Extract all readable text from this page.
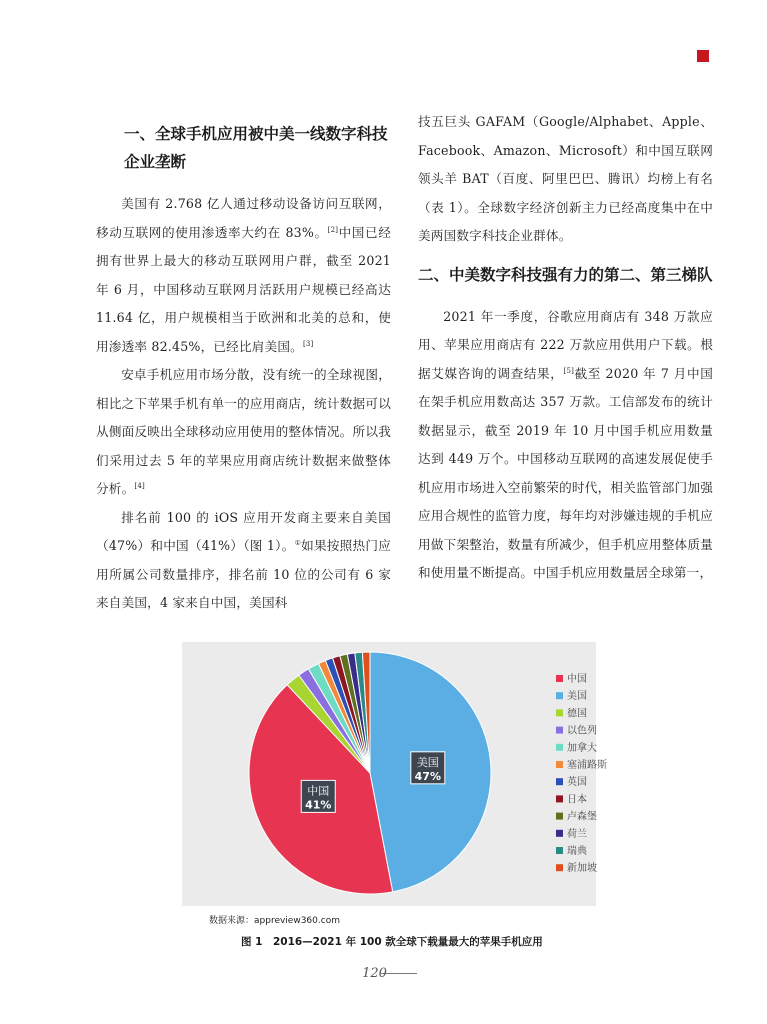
一、全球手机应用被中美一线数字科技企业垄断

美国有 2.768 亿人通过移动设备访问互联网，移动互联网的使用渗透率大约在 83%。[2]中国已经拥有世界上最大的移动互联网用户群，截至 2021 年 6 月，中国移动互联网月活跃用户规模已经高达 11.64 亿，用户规模相当于欧洲和北美的总和，使用渗透率 82.45%，已经比肩美国。[3]

安卓手机应用市场分散，没有统一的全球视图，相比之下苹果手机有单一的应用商店，统计数据可以从侧面反映出全球移动应用使用的整体情况。所以我们采用过去 5 年的苹果应用商店统计数据来做整体分析。[4]

排名前 100 的 iOS 应用开发商主要来自美国（47%）和中国（41%）（图 1）。①如果按照热门应用所属公司数量排序，排名前 10 位的公司有 6 家来自美国，4 家来自中国，美国科

技五巨头 GAFAM（Google/Alphabet、Apple、Facebook、Amazon、Microsoft）和中国互联网领头羊 BAT（百度、阿里巴巴、腾讯）均榜上有名（表 1）。全球数字经济创新主力已经高度集中在中美两国数字科技企业群体。

二、中美数字科技强有力的第二、第三梯队

2021 年一季度，谷歌应用商店有 348 万款应用、苹果应用商店有 222 万款应用供用户下载。根据艾媒咨询的调查结果，[5]截至 2020 年 7 月中国在架手机应用数高达 357 万款。工信部发布的统计数据显示，截至 2019 年 10 月中国手机应用数量达到 449 万个。中国移动互联网的高速发展促使手机应用市场进入空前繁荣的时代，相关监管部门加强应用合规性的监管力度，每年均对涉嫌违规的手机应用做下架整治，数量有所减少，但手机应用整体质量和使用量不断提高。中国手机应用数量居全球第一，

美国
47%
中国
41%
中国
美国
德国
以色列
加拿大
塞浦路斯
英国
日本
卢森堡
荷兰
瑞典
新加坡
数据来源：appreview360.com
图 1　2016—2021 年 100 款全球下载量最大的苹果手机应用
120
